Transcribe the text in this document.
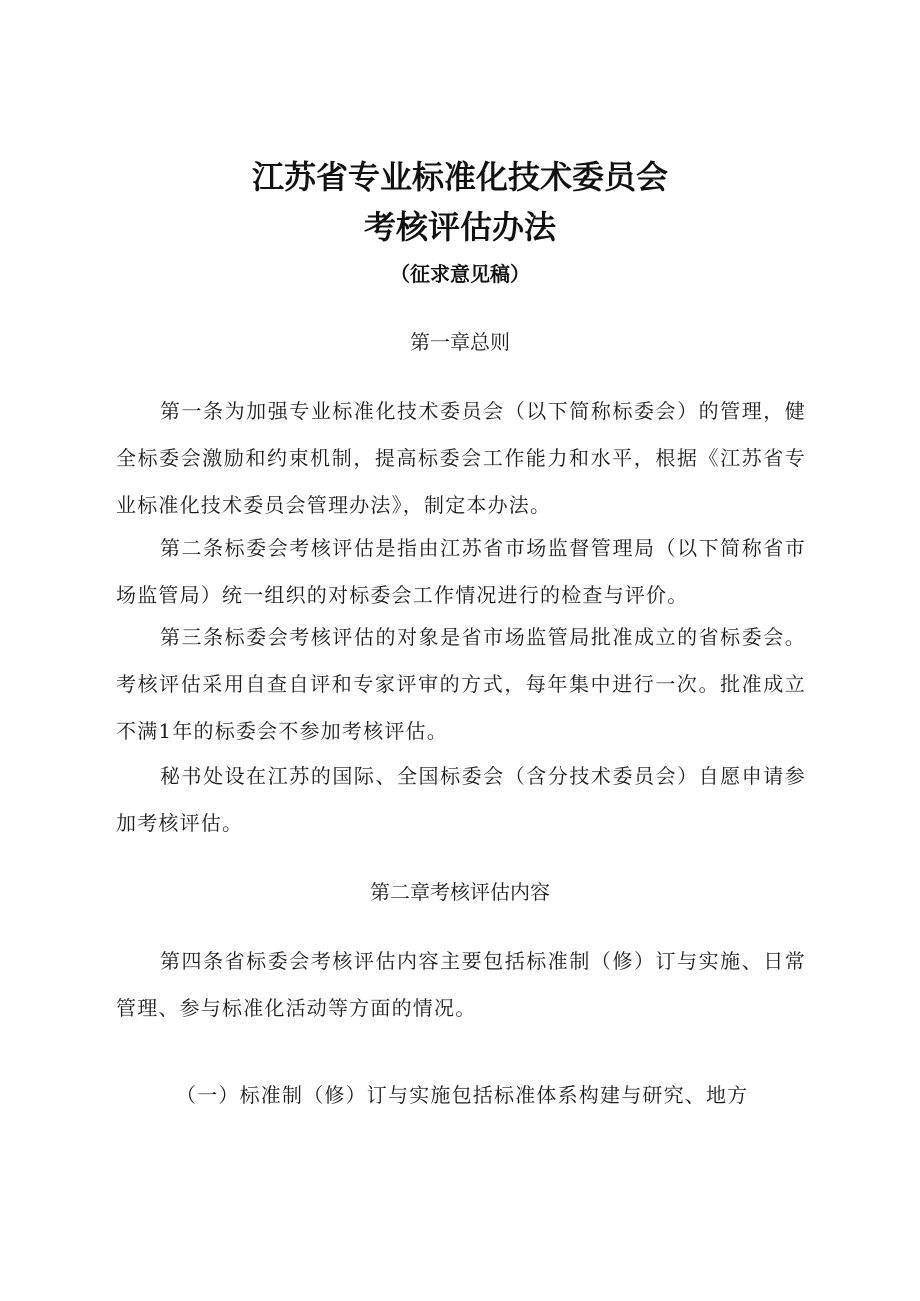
江苏省专业标准化技术委员会
考核评估办法
（征求意见稿）
第一章总则

第一条为加强专业标准化技术委员会（以下简称标委会）的管理，健全标委会激励和约束机制，提高标委会工作能力和水平，根据《江苏省专业标准化技术委员会管理办法》，制定本办法。

第二条标委会考核评估是指由江苏省市场监督管理局（以下简称省市场监管局）统一组织的对标委会工作情况进行的检查与评价。

第三条标委会考核评估的对象是省市场监管局批准成立的省标委会。考核评估采用自查自评和专家评审的方式，每年集中进行一次。批准成立不满1年的标委会不参加考核评估。

秘书处设在江苏的国际、全国标委会（含分技术委员会）自愿申请参加考核评估。

第二章考核评估内容

第四条省标委会考核评估内容主要包括标准制（修）订与实施、日常管理、参与标准化活动等方面的情况。

（一）标准制（修）订与实施包括标准体系构建与研究、地方
